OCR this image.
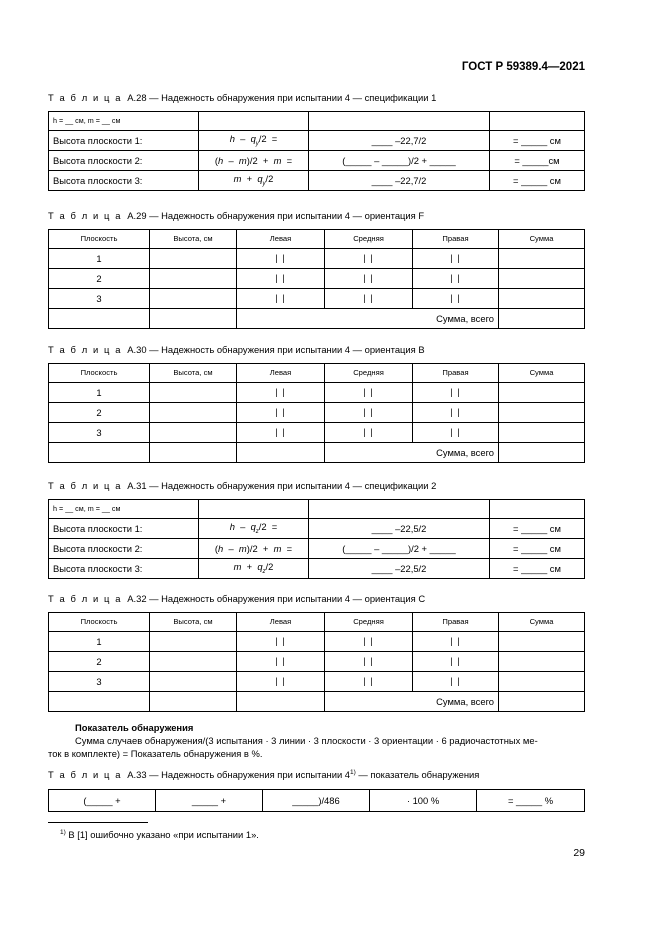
ГОСТ Р 59389.4—2021
Т а б л и ц а А.28 — Надежность обнаружения при испытании 4 — спецификации 1
h = __ см, m = __ см			
Высота плоскости 1:	h  –  $q_y/2$  =	____ –22,7/2	= _____ см
Высота плоскости 2:	(h  –  m)/2  +  m  =	(_____ – _____)/2 + _____	= _____см
Высота плоскости 3:	$m + q_y/2$	____ –22,7/2	= _____ см
Т а б л и ц а А.29 — Надежность обнаружения при испытании 4 — ориентация F
Плоскость	Высота, см	Левая	Средняя	Правая	Сумма
1		| |	| |	| |	
2		| |	| |	| |	
3		| |	| |	| |	
		Сумма, всего			
Т а б л и ц а А.30 — Надежность обнаружения при испытании 4 — ориентация B
Плоскость	Высота, см	Левая	Средняя	Правая	Сумма
1		| |	| |	| |	
2		| |	| |	| |	
3		| |	| |	| |	
			Сумма, всего		
Т а б л и ц а А.31 — Надежность обнаружения при испытании 4 — спецификации 2
h = __ см, m = __ см			
Высота плоскости 1:	h  –  $q_z/2$  =	____ –22,5/2	= _____ см
Высота плоскости 2:	(h  –  m)/2  +  m  =	(_____ – _____)/2 + _____	= _____ см
Высота плоскости 3:	$m + q_z/2$	____ –22,5/2	= _____ см
Т а б л и ц а А.32 — Надежность обнаружения при испытании 4 — ориентация C
Плоскость	Высота, см	Левая	Средняя	Правая	Сумма
1		| |	| |	| |	
2		| |	| |	| |	
3		| |	| |	| |	
			Сумма, всего		
Показатель обнаружения
Сумма случаев обнаружения/(3 испытания · 3 линии · 3 плоскости · 3 ориентации · 6 радиочастотных ме-
ток в комплекте) = Показатель обнаружения в %.
Т а б л и ц а А.33 — Надежность обнаружения при испытании 4$^{1)}$ — показатель обнаружения
(_____ +	_____ +	_____)/486	· 100 %	= _____ %
$^{1)}$ В [1] ошибочно указано «при испытании 1».
29
